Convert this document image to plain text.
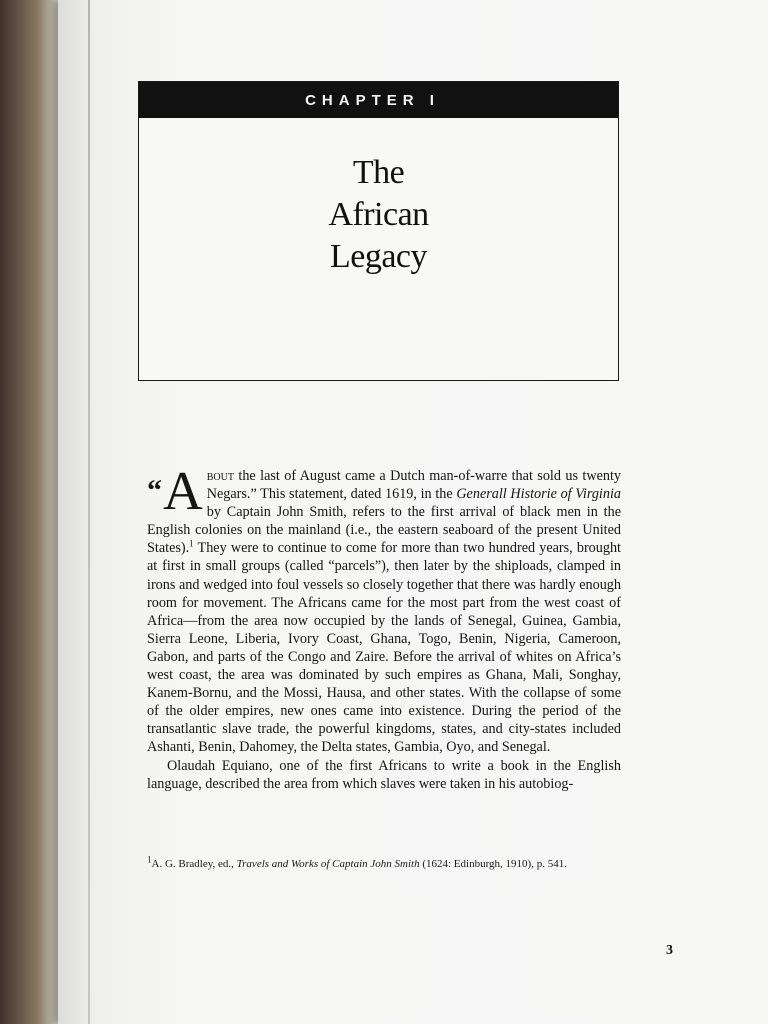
CHAPTER I
The
African
Legacy

“A bout the last of August came a Dutch man-of-warre that sold us twenty Negars.” This statement, dated 1619, in the Generall Historie of Virginia by Captain John Smith, refers to the first arrival of black men in the English colonies on the mainland (i.e., the eastern seaboard of the present United States).$^1$ They were to continue to come for more than two hundred years, brought at first in small groups (called “parcels”), then later by the shiploads, clamped in irons and wedged into foul vessels so closely together that there was hardly enough room for movement. The Africans came for the most part from the west coast of Africa—from the area now occupied by the lands of Senegal, Guinea, Gambia, Sierra Leone, Liberia, Ivory Coast, Ghana, Togo, Benin, Nigeria, Cameroon, Gabon, and parts of the Congo and Zaire. Before the arrival of whites on Africa’s west coast, the area was dominated by such empires as Ghana, Mali, Songhay, Kanem-Bornu, and the Mossi, Hausa, and other states. With the collapse of some of the older empires, new ones came into existence. During the period of the transatlantic slave trade, the powerful kingdoms, states, and city-states included Ashanti, Benin, Dahomey, the Delta states, Gambia, Oyo, and Senegal.

Olaudah Equiano, one of the first Africans to write a book in the English language, described the area from which slaves were taken in his autobiog-

$^1$A. G. Bradley, ed., Travels and Works of Captain John Smith (1624: Edinburgh, 1910), p. 541.
3
